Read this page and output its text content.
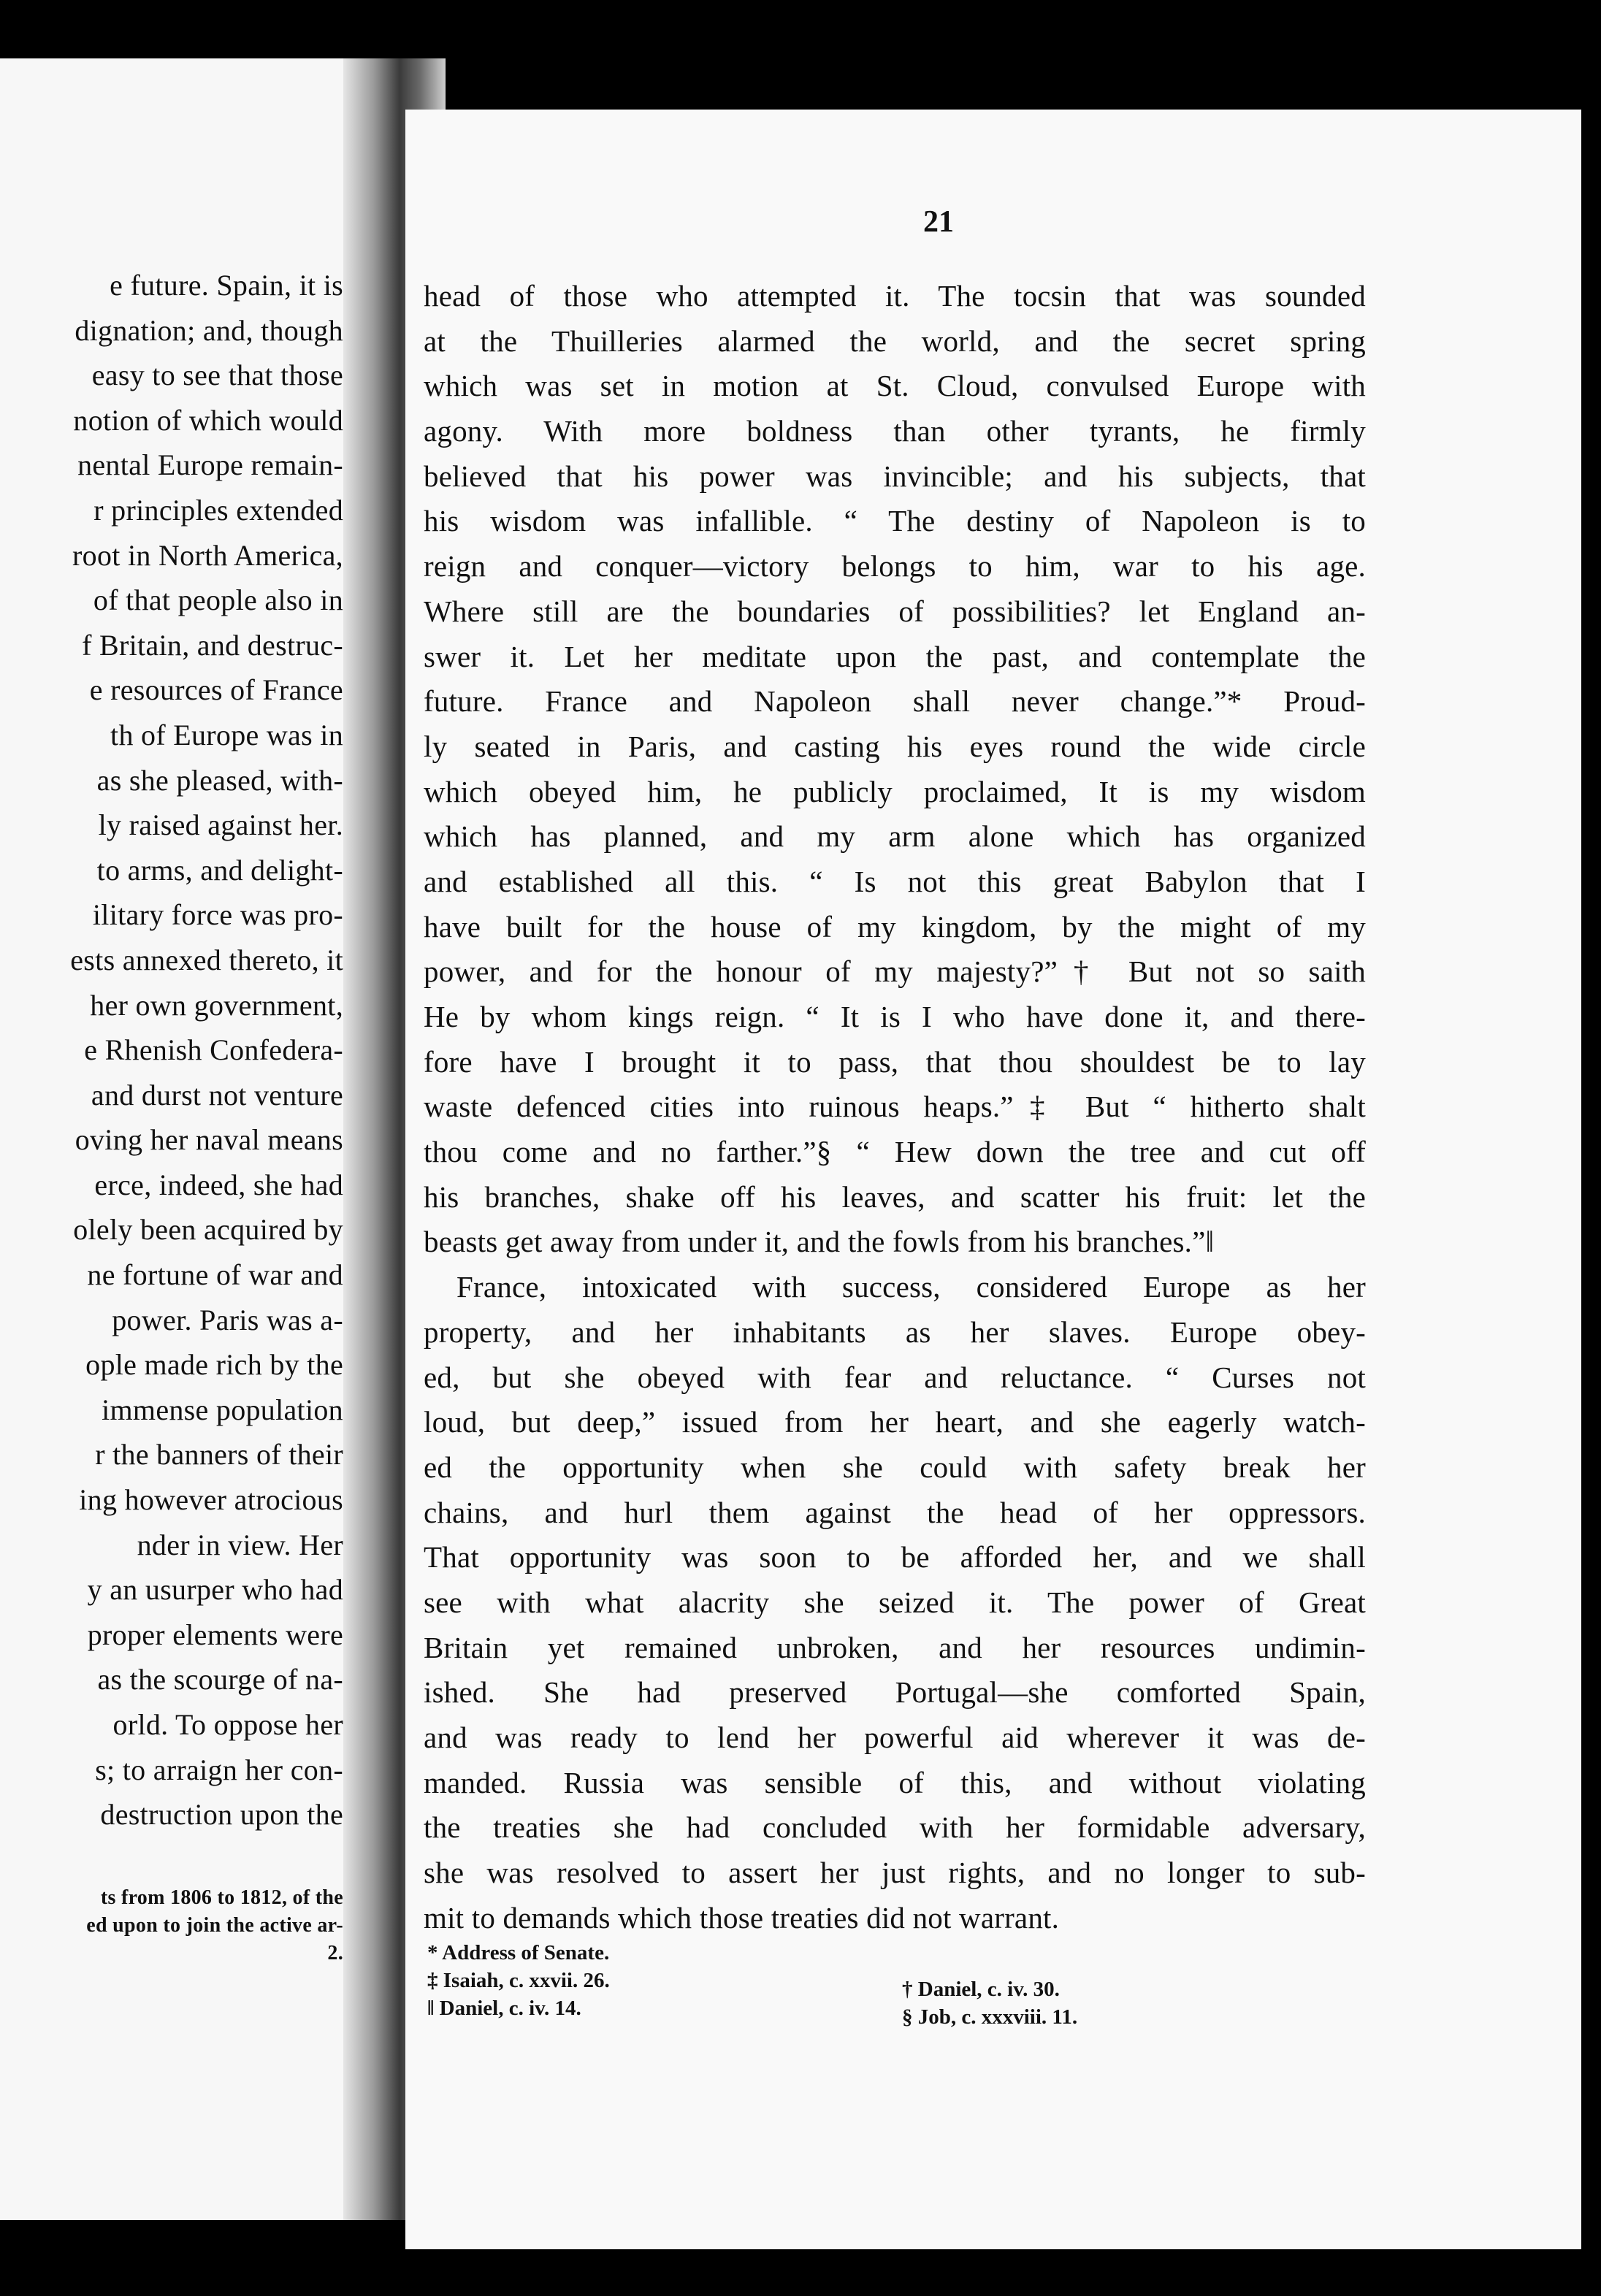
e future. Spain, it is
dignation; and, though
easy to see that those
notion of which would
nental Europe remain-
r principles extended
root in North America,
of that people also in
f Britain, and destruc-
e resources of France
th of Europe was in
as she pleased, with-
ly raised against her.
to arms, and delight-
ilitary force was pro-
ests annexed thereto, it
her own government,
e Rhenish Confedera-
and durst not venture
oving her naval means
erce, indeed, she had
olely been acquired by
ne fortune of war and
power. Paris was a-
ople made rich by the
immense population
r the banners of their
ing however atrocious
nder in view. Her
y an usurper who had
proper elements were
as the scourge of na-
orld. To oppose her
s; to arraign her con-
destruction upon the
ts from 1806 to 1812, of the
ed upon to join the active ar-
2.
21
head of those who attempted it. The tocsin that was sounded
at the Thuilleries alarmed the world, and the secret spring
which was set in motion at St. Cloud, convulsed Europe with
agony. With more boldness than other tyrants, he firmly
believed that his power was invincible; and his subjects, that
his wisdom was infallible. “ The destiny of Napoleon is to
reign and conquer—victory belongs to him, war to his age.
Where still are the boundaries of possibilities? let England an-
swer it. Let her meditate upon the past, and contemplate the
future. France and Napoleon shall never change.”* Proud-
ly seated in Paris, and casting his eyes round the wide circle
which obeyed him, he publicly proclaimed, It is my wisdom
which has planned, and my arm alone which has organized
and established all this. “ Is not this great Babylon that I
have built for the house of my kingdom, by the might of my
power, and for the honour of my majesty?”† But not so saith
He by whom kings reign. “ It is I who have done it, and there-
fore have I brought it to pass, that thou shouldest be to lay
waste defenced cities into ruinous heaps.”‡ But “ hitherto shalt
thou come and no farther.”§ “ Hew down the tree and cut off
his branches, shake off his leaves, and scatter his fruit: let the
beasts get away from under it, and the fowls from his branches.”‖
France, intoxicated with success, considered Europe as her
property, and her inhabitants as her slaves. Europe obey-
ed, but she obeyed with fear and reluctance. “ Curses not
loud, but deep,” issued from her heart, and she eagerly watch-
ed the opportunity when she could with safety break her
chains, and hurl them against the head of her oppressors.
That opportunity was soon to be afforded her, and we shall
see with what alacrity she seized it. The power of Great
Britain yet remained unbroken, and her resources undimin-
ished. She had preserved Portugal—she comforted Spain,
and was ready to lend her powerful aid wherever it was de-
manded. Russia was sensible of this, and without violating
the treaties she had concluded with her formidable adversary,
she was resolved to assert her just rights, and no longer to sub-
mit to demands which those treaties did not warrant.
* Address of Senate.
‡ Isaiah, c. xxvii. 26.
‖ Daniel, c. iv. 14.
† Daniel, c. iv. 30.
§ Job, c. xxxviii. 11.
